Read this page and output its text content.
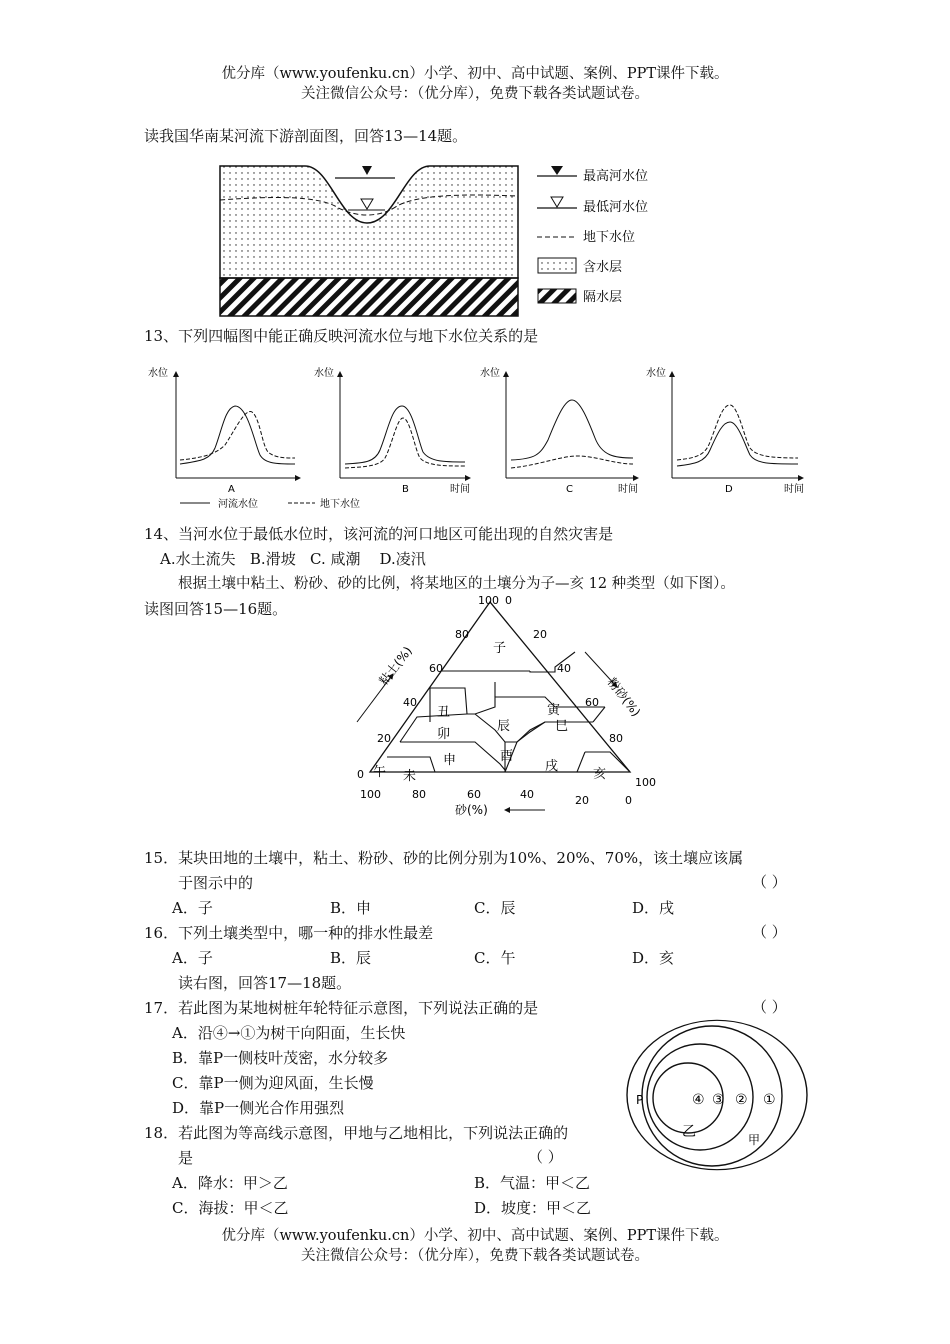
优分库（www.youfenku.cn）小学、初中、高中试题、案例、PPT课件下载。
关注微信公众号：（优分库），免费下载各类试题试卷。
读我国华南某河流下游剖面图，回答13—14题。
最高河水位
最低河水位
地下水位
含水层
隔水层
13、下列四幅图中能正确反映河流水位与地下水位关系的是
水位
A
水位
B	时间
水位
C	时间
水位
D	时间
河流水位	地下水位
14、当河水位于最低水位时，该河流的河口地区可能出现的自然灾害是
A.水土流失   B.滑坡   C. 咸潮    D.凌汛
根据土壤中粘土、粉砂、砂的比例，将某地区的土壤分为子—亥 12 种类型（如下图）。
读图回答15—16题。	100
80
60
40
20
0
0
20
40
60
80
100
100	80	60	40	20	0
子
丑	寅
卯
辰	巳
午 未
申	酉
戌
亥
粘土(%)
粉砂(%)
砂(%)
15．某块田地的土壤中，粘土、粉砂、砂的比例分别为10%、20%、70%，该土壤应该属
于图示中的	（ ）
A．子	B．申	C．辰	D．戌
16．下列土壤类型中，哪一种的排水性最差	（ ）
A．子	B．辰	C．午	D．亥
读右图，回答17—18题。
17．若此图为某地树桩年轮特征示意图，下列说法正确的是	（ ）
A．沿④→①为树干向阳面，生长快
B．靠P一侧枝叶茂密，水分较多
C．靠P一侧为迎风面，生长慢
D．靠P一侧光合作用强烈
18．若此图为等高线示意图，甲地与乙地相比，下列说法正确的
是	（ ）
A．降水：甲＞乙	B．气温：甲＜乙
C．海拔：甲＜乙	D．坡度：甲＜乙
P	④ ③ ② ①
乙	甲
优分库（www.youfenku.cn）小学、初中、高中试题、案例、PPT课件下载。
关注微信公众号：（优分库），免费下载各类试题试卷。
